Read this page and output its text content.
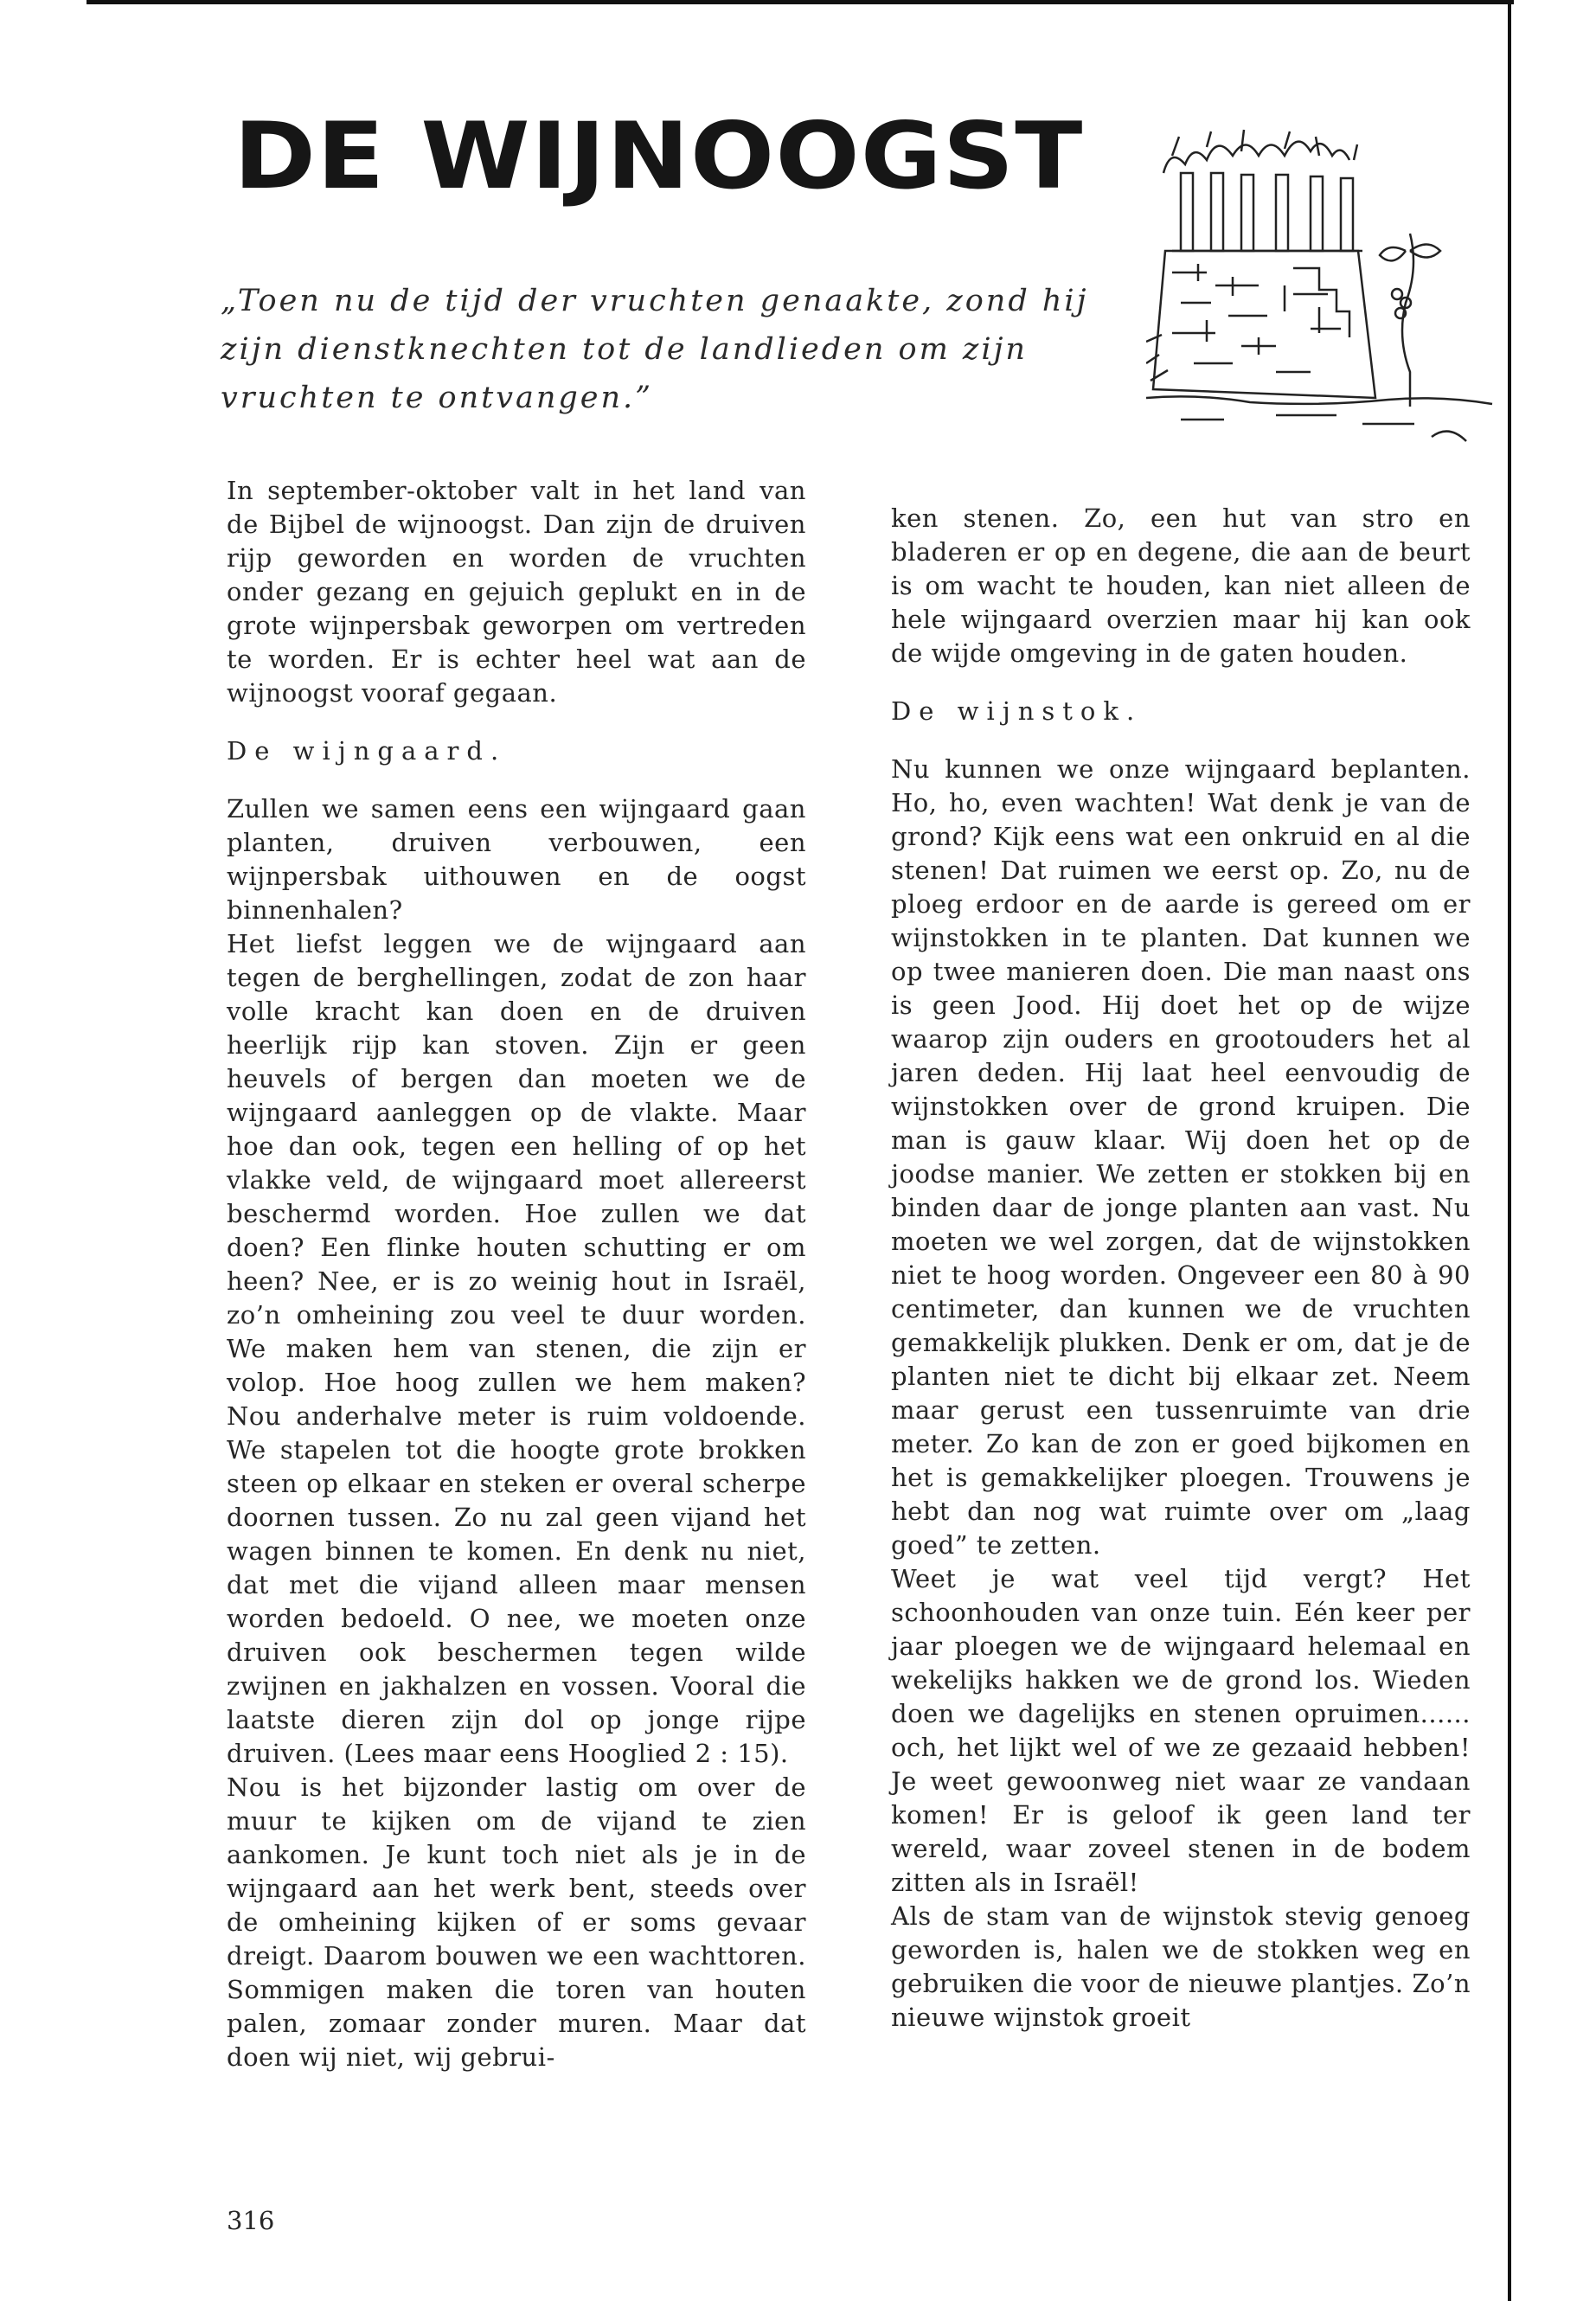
DE WIJNOOGST

„Toen nu de tijd der vruchten genaakte, zond hij zijn dienstknechten tot de landlieden om zijn vruchten te ontvangen.”

In september-oktober valt in het land van de Bijbel de wijnoogst. Dan zijn de druiven rijp geworden en worden de vruchten onder gezang en gejuich geplukt en in de grote wijnpersbak geworpen om vertreden te worden. Er is echter heel wat aan de wijnoogst vooraf gegaan.

De wijngaard.

Zullen we samen eens een wijngaard gaan planten, druiven verbouwen, een wijnpersbak uithouwen en de oogst binnenhalen?

Het liefst leggen we de wijngaard aan tegen de berghellingen, zodat de zon haar volle kracht kan doen en de druiven heerlijk rijp kan stoven. Zijn er geen heuvels of bergen dan moeten we de wijngaard aanleggen op de vlakte. Maar hoe dan ook, tegen een helling of op het vlakke veld, de wijngaard moet allereerst beschermd worden. Hoe zullen we dat doen? Een flinke houten schutting er om heen? Nee, er is zo weinig hout in Israël, zo’n omheining zou veel te duur worden. We maken hem van stenen, die zijn er volop. Hoe hoog zullen we hem maken? Nou anderhalve meter is ruim voldoende. We stapelen tot die hoogte grote brokken steen op elkaar en steken er overal scherpe doornen tussen. Zo nu zal geen vijand het wagen binnen te komen. En denk nu niet, dat met die vijand alleen maar mensen worden bedoeld. O nee, we moeten onze druiven ook beschermen tegen wilde zwijnen en jakhalzen en vossen. Vooral die laatste dieren zijn dol op jonge rijpe druiven. (Lees maar eens Hooglied 2 : 15).

Nou is het bijzonder lastig om over de muur te kijken om de vijand te zien aankomen. Je kunt toch niet als je in de wijngaard aan het werk bent, steeds over de omheining kijken of er soms gevaar dreigt. Daarom bouwen we een wachttoren. Sommigen maken die toren van houten palen, zomaar zonder muren. Maar dat doen wij niet, wij gebrui-

ken stenen. Zo, een hut van stro en bladeren er op en degene, die aan de beurt is om wacht te houden, kan niet alleen de hele wijngaard overzien maar hij kan ook de wijde omgeving in de gaten houden.

De wijnstok.

Nu kunnen we onze wijngaard beplanten. Ho, ho, even wachten! Wat denk je van de grond? Kijk eens wat een onkruid en al die stenen! Dat ruimen we eerst op. Zo, nu de ploeg erdoor en de aarde is gereed om er wijnstokken in te planten. Dat kunnen we op twee manieren doen. Die man naast ons is geen Jood. Hij doet het op de wijze waarop zijn ouders en grootouders het al jaren deden. Hij laat heel eenvoudig de wijnstokken over de grond kruipen. Die man is gauw klaar. Wij doen het op de joodse manier. We zetten er stokken bij en binden daar de jonge planten aan vast. Nu moeten we wel zorgen, dat de wijnstokken niet te hoog worden. Ongeveer een 80 à 90 centimeter, dan kunnen we de vruchten gemakkelijk plukken. Denk er om, dat je de planten niet te dicht bij elkaar zet. Neem maar gerust een tussenruimte van drie meter. Zo kan de zon er goed bijkomen en het is gemakkelijker ploegen. Trouwens je hebt dan nog wat ruimte over om „laag goed” te zetten.

Weet je wat veel tijd vergt? Het schoonhouden van onze tuin. Eén keer per jaar ploegen we de wijngaard helemaal en wekelijks hakken we de grond los. Wieden doen we dagelijks en stenen opruimen...... och, het lijkt wel of we ze gezaaid hebben! Je weet gewoonweg niet waar ze vandaan komen! Er is geloof ik geen land ter wereld, waar zoveel stenen in de bodem zitten als in Israël!

Als de stam van de wijnstok stevig genoeg geworden is, halen we de stokken weg en gebruiken die voor de nieuwe plantjes. Zo’n nieuwe wijnstok groeit

316
